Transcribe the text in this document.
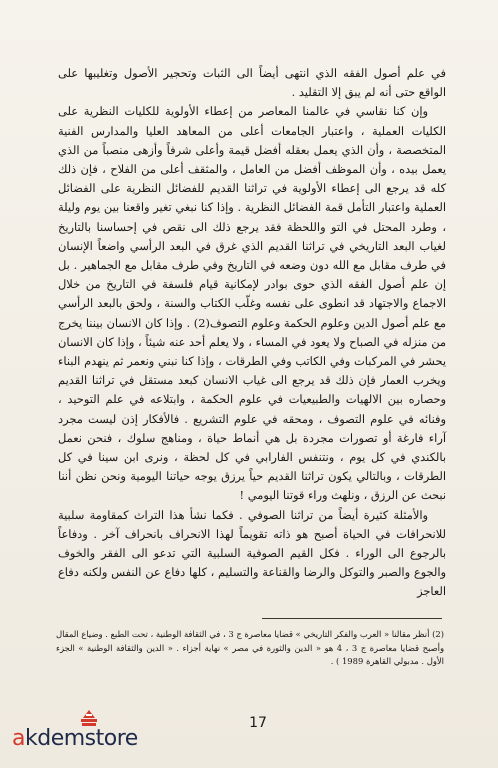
في علم أصول الفقه الذي انتهى أيضاً الى الثبات وتحجير الأصول وتغليبها على الواقع حتى أنه لم يبق إلا التقليد .

وإن كنا نقاسي في عالمنا المعاصر من إعطاء الأولوية للكليات النظرية على الكليات العملية ، واعتبار الجامعات أعلى من المعاهد العليا والمدارس الفنية المتخصصة ، وأن الذي يعمل بعقله أفضل قيمة وأعلى شرفاً وأزهى منصباً من الذي يعمل بيده ، وأن الموظف أفضل من العامل ، والمثقف أعلى من الفلاح ، فإن ذلك كله قد يرجع الى إعطاء الأولوية في تراثنا القديم للفضائل النظرية على الفضائل العملية واعتبار التأمل قمة الفضائل النظرية . وإذا كنا نبغي تغير واقعنا بين يوم وليلة ، وطرد المحتل في التو واللحظة فقد يرجع ذلك الى نقص في إحساسنا بالتاريخ لغياب البعد التاريخي في تراثنا القديم الذي غرق في البعد الرأسي واضعاً الإنسان في طرف مقابل مع الله دون وضعه في التاريخ وفي طرف مقابل مع الجماهير . بل إن علم أصول الفقه الذي حوى بوادر لإمكانية قيام فلسفة في التاريخ من خلال الاجماع والاجتهاد قد انطوى على نفسه وغلّب الكتاب والسنة ، ولحق بالبعد الرأسي مع علم أصول الدين وعلوم الحكمة وعلوم التصوف(2) . وإذا كان الانسان بيننا يخرج من منزله في الصباح ولا يعود في المساء ، ولا يعلم أحد عنه شيئاً ، وإذا كان الانسان يحشر في المركبات وفي الكاتب وفي الطرقات ، وإذا كنا نبني ونعمر ثم ينهدم البناء ويخرب العمار فإن ذلك قد يرجع الى غياب الانسان كبعد مستقل في تراثنا القديم وحصاره بين الالهيات والطبيعيات في علوم الحكمة ، وابتلاعه في علم التوحيد ، وفنائه في علوم التصوف ، ومحقه في علوم التشريع . فالأفكار إذن ليست مجرد آراء فارغة أو تصورات مجردة بل هي أنماط حياة ، ومناهج سلوك ، فنحن نعمل بالكندي في كل يوم ، ونتنفس الفارابي في كل لحظة ، ونرى ابن سينا في كل الطرقات ، وبالتالي يكون تراثنا القديم حياً يرزق يوجه حياتنا اليومية ونحن نظن أننا نبحث عن الرزق ، ونلهث وراء قوتنا اليومي !

والأمثلة كثيرة أيضاً من تراثنا الصوفي . فكما نشأ هذا التراث كمقاومة سلبية للانحرافات في الحياة أصبح هو ذاته تقويماً لهذا الانحراف بانحراف آخر . ودفاعاً بالرجوع الى الوراء . فكل القيم الصوفية السلبية التي تدعو الى الفقر والخوف والجوع والصبر والتوكل والرضا والقناعة والتسليم ، كلها دفاع عن النفس ولكنه دفاع العاجز

(2) أنظر مقالنا « العرب والفكر التاريخي » قضايا معاصرة ج 3 ، في الثقافة الوطنية ، تحت الطبع . وضياع المقال وأصبح قضايا معاصرة ج 3 ، 4 هو « الدين والثورة في مصر » نهاية أجزاء . « الدين والثقافة الوطنية » الجزء الأول . مدبولي القاهرة 1989 ) .
17
akdemstore
